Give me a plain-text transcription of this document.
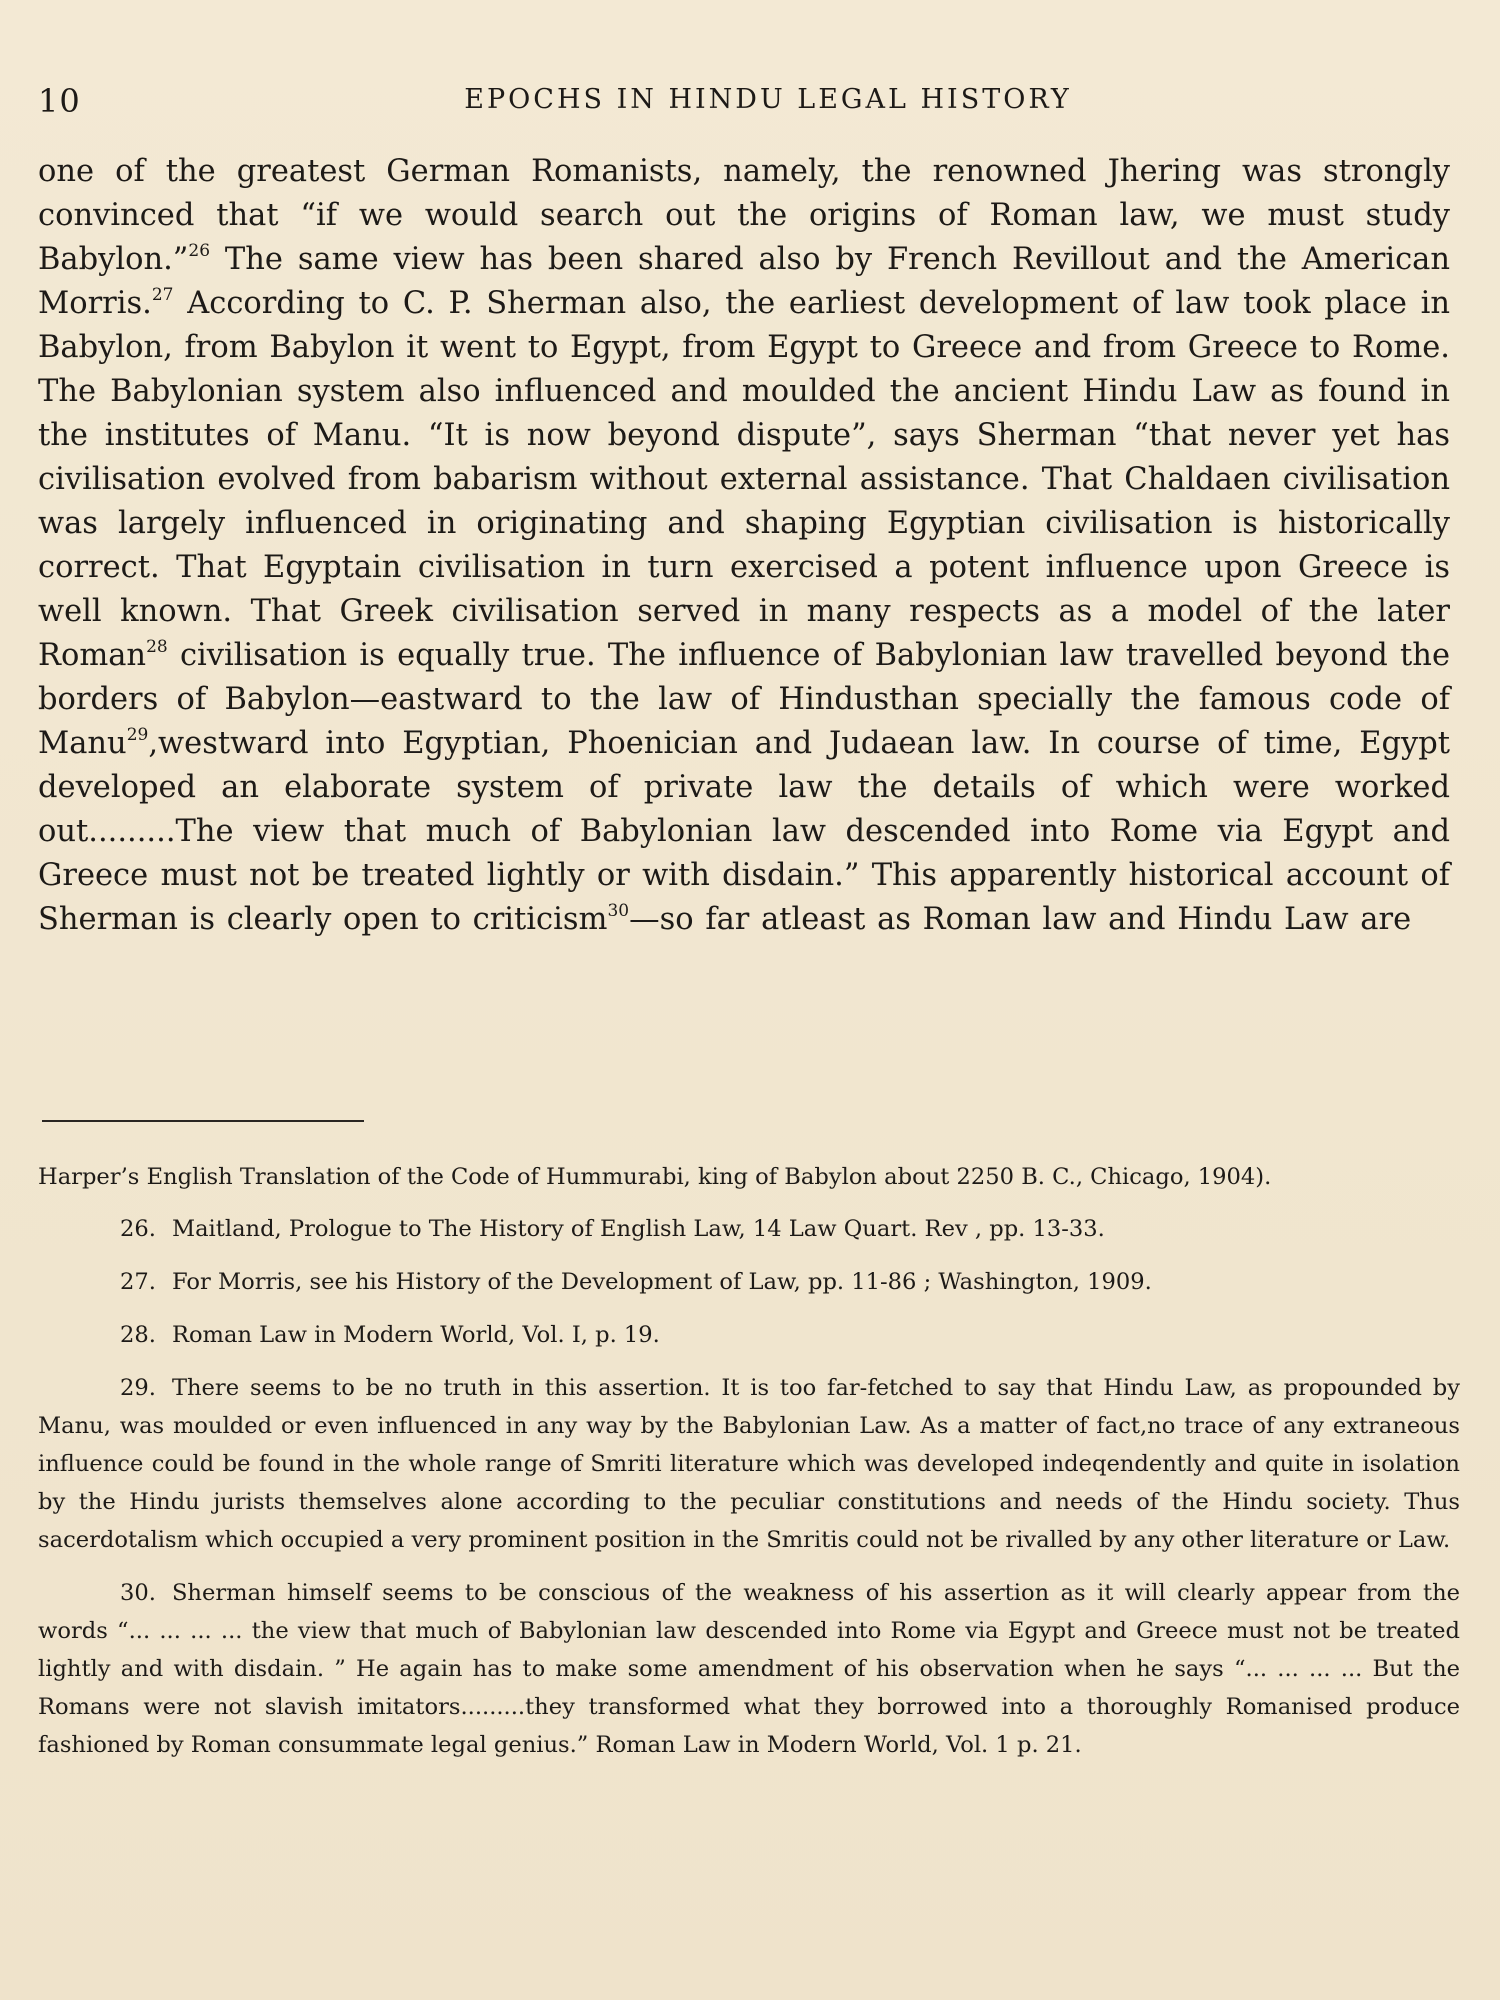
10	EPOCHS IN HINDU LEGAL HISTORY
one of the greatest German Romanists, namely, the renowned Jhering was strongly convinced that “if we would search out the origins of Roman law, we must study Babylon.”$^{26}$ The same view has been shared also by French Revillout and the American Morris.$^{27}$ According to C. P. Sherman also, the earliest development of law took place in Babylon, from Babylon it went to Egypt, from Egypt to Greece and from Greece to Rome. The Babylonian system also influenced and moulded the ancient Hindu Law as found in the institutes of Manu. “It is now beyond dispute”, says Sherman “that never yet has civilisation evolved from babarism without external assistance. That Chaldaen civilisation was largely influenced in originating and shaping Egyptian civilisation is historically correct. That Egyptain civilisation in turn exercised a potent influence upon Greece is well known. That Greek civilisation served in many respects as a model of the later Roman$^{28}$ civilisation is equally true. The influence of Babylonian law travelled beyond the borders of Babylon—eastward to the law of Hindusthan specially the famous code of Manu$^{29}$,westward into Egyptian, Phoenician and Judaean law. In course of time, Egypt developed an elaborate system of private law the details of which were worked out.........The view that much of Babylonian law descended into Rome via Egypt and Greece must not be treated lightly or with disdain.” This apparently historical account of Sherman is clearly open to criticism$^{30}$—so far atleast as Roman law and Hindu Law are

Harper’s English Translation of the Code of Hummurabi, king of Babylon about 2250 B. C., Chicago, 1904).

26. Maitland, Prologue to The History of English Law, 14 Law Quart. Rev , pp. 13-33.

27. For Morris, see his History of the Development of Law, pp. 11-86 ; Washington, 1909.

28. Roman Law in Modern World, Vol. I, p. 19.

29. There seems to be no truth in this assertion. It is too far-fetched to say that Hindu Law, as propounded by Manu, was moulded or even influenced in any way by the Babylonian Law. As a matter of fact,no trace of any extraneous influence could be found in the whole range of Smriti literature which was developed indeqendently and quite in isolation by the Hindu jurists themselves alone according to the peculiar constitutions and needs of the Hindu society. Thus sacerdotalism which occupied a very prominent position in the Smritis could not be rivalled by any other literature or Law.

30. Sherman himself seems to be conscious of the weakness of his assertion as it will clearly appear from the words “... ... ... ... the view that much of Babylonian law descended into Rome via Egypt and Greece must not be treated lightly and with disdain. ” He again has to make some amendment of his observation when he says “... ... ... ... But the Romans were not slavish imitators.........they transformed what they borrowed into a thoroughly Romanised produce fashioned by Roman consummate legal genius.” Roman Law in Modern World, Vol. 1 p. 21.
